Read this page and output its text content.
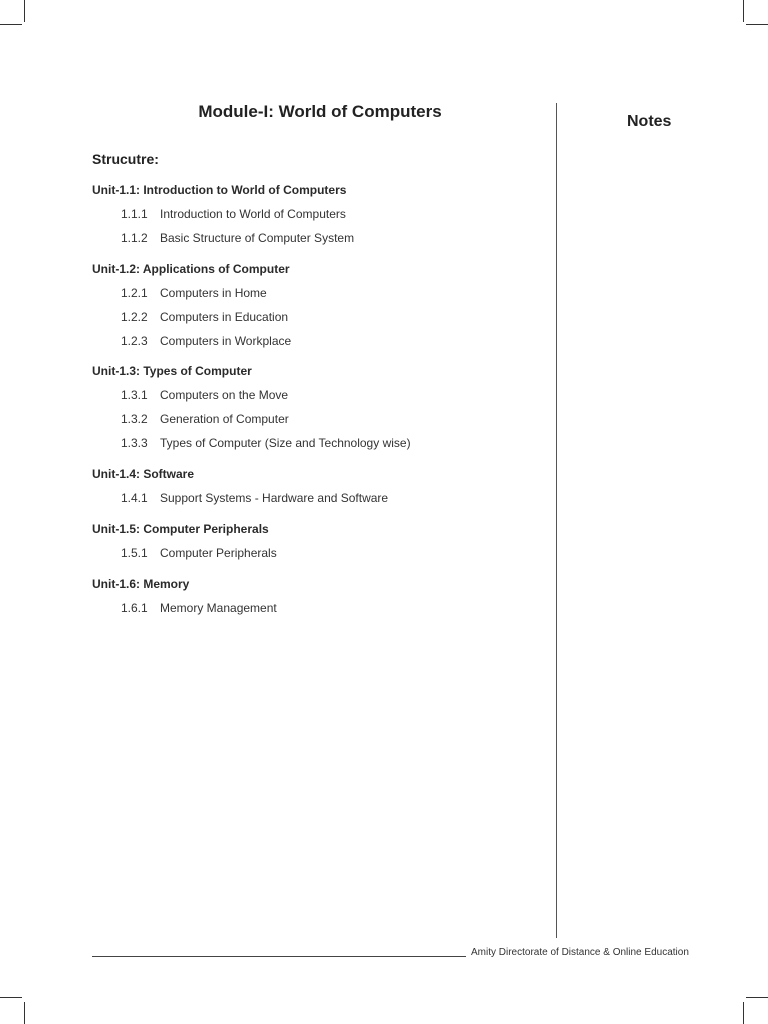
Module-I: World of Computers
Notes
Strucutre:
Unit-1.1: Introduction to World of Computers
1.1.1 Introduction to World of Computers
1.1.2 Basic Structure of Computer System
Unit-1.2: Applications of Computer
1.2.1 Computers in Home
1.2.2 Computers in Education
1.2.3 Computers in Workplace
Unit-1.3: Types of Computer
1.3.1 Computers on the Move
1.3.2 Generation of Computer
1.3.3 Types of Computer (Size and Technology wise)
Unit-1.4: Software
1.4.1 Support Systems - Hardware and Software
Unit-1.5: Computer Peripherals
1.5.1 Computer Peripherals
Unit-1.6: Memory
1.6.1 Memory Management
Amity Directorate of Distance & Online Education
